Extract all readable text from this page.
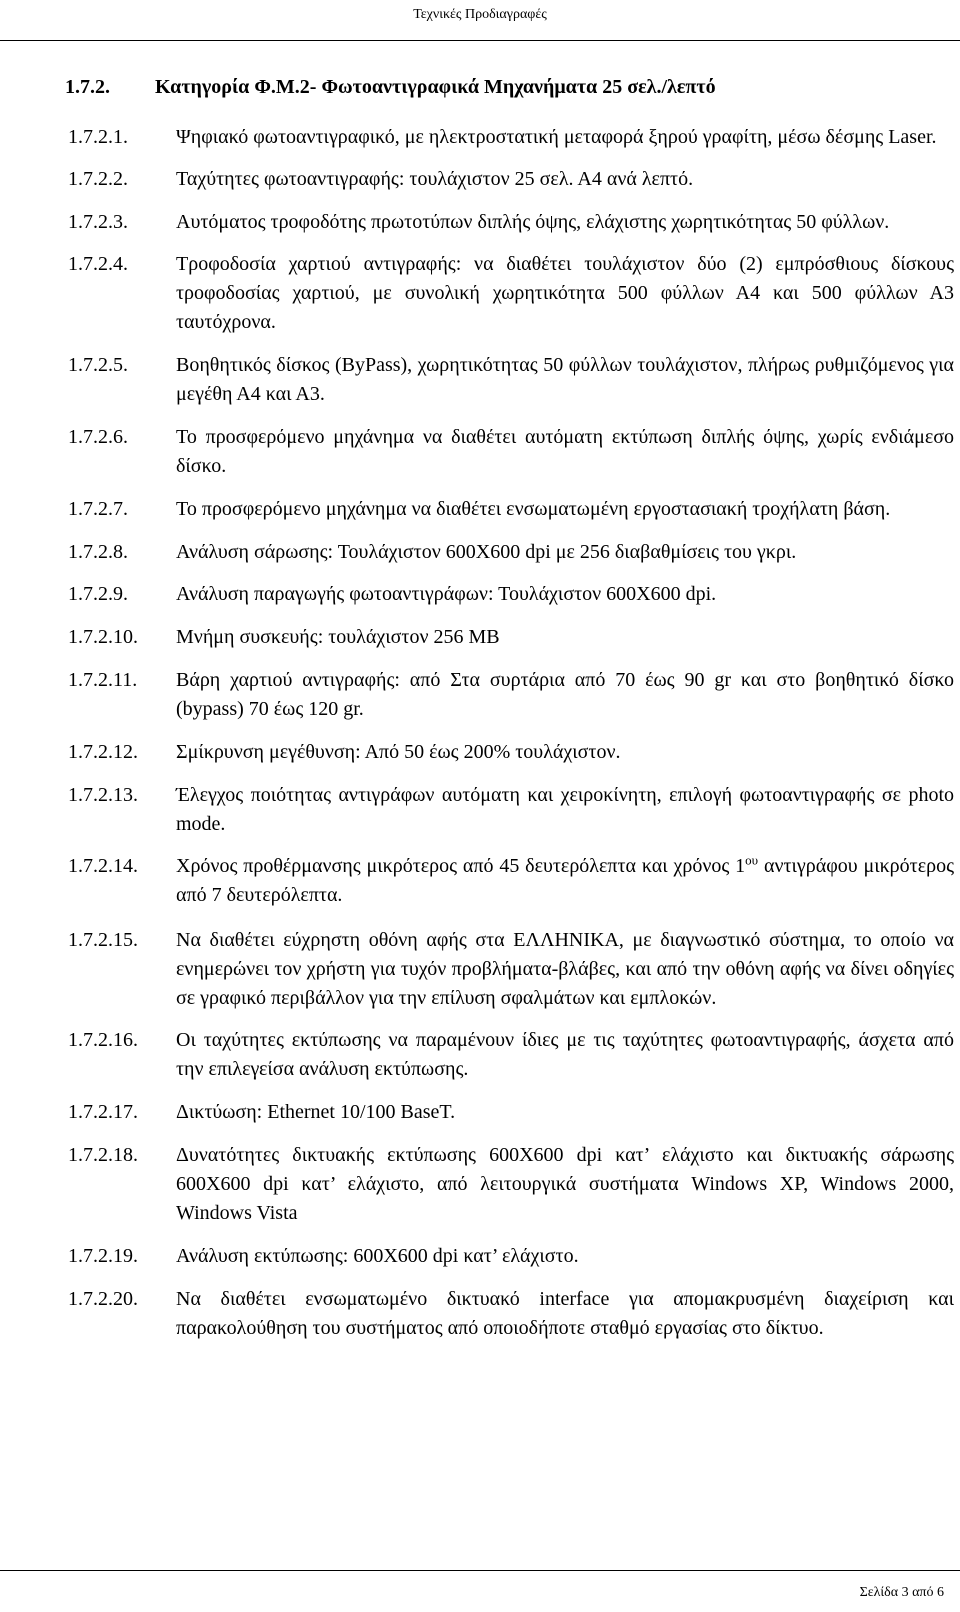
Τεχνικές Προδιαγραφές
1.7.2. Κατηγορία Φ.Μ.2- Φωτοαντιγραφικά Μηχανήματα 25 σελ./λεπτό
1.7.2.1.	Ψηφιακό φωτοαντιγραφικό, με ηλεκτροστατική μεταφορά ξηρού γραφίτη, μέσω δέσμης Laser.
1.7.2.2.	Ταχύτητες φωτοαντιγραφής: τουλάχιστον 25 σελ. Α4 ανά λεπτό.
1.7.2.3.	Αυτόματος τροφοδότης πρωτοτύπων διπλής όψης, ελάχιστης χωρητικότητας 50 φύλλων.
1.7.2.4.	Τροφοδοσία χαρτιού αντιγραφής: να διαθέτει τουλάχιστον δύο (2) εμπρόσθιους δίσκους τροφοδοσίας χαρτιού, με συνολική χωρητικότητα 500 φύλλων Α4 και 500 φύλλων Α3 ταυτόχρονα.
1.7.2.5.	Βοηθητικός δίσκος (ByPass), χωρητικότητας 50 φύλλων τουλάχιστον, πλήρως ρυθμιζόμενος για μεγέθη Α4 και Α3.
1.7.2.6.	Το προσφερόμενο μηχάνημα να διαθέτει αυτόματη εκτύπωση διπλής όψης, χωρίς ενδιάμεσο δίσκο.
1.7.2.7.	Το προσφερόμενο μηχάνημα να διαθέτει ενσωματωμένη εργοστασιακή τροχήλατη βάση.
1.7.2.8.	Ανάλυση σάρωσης: Τουλάχιστον 600Χ600 dpi με 256 διαβαθμίσεις του γκρι.
1.7.2.9.	Ανάλυση παραγωγής φωτοαντιγράφων: Τουλάχιστον 600Χ600 dpi.
1.7.2.10.	Μνήμη συσκευής: τουλάχιστον 256 MB
1.7.2.11.	Βάρη χαρτιού αντιγραφής: από Στα συρτάρια από 70 έως 90 gr και στο βοηθητικό δίσκο (bypass) 70 έως 120 gr.
1.7.2.12.	Σμίκρυνση μεγέθυνση: Από 50 έως 200% τουλάχιστον.
1.7.2.13.	Έλεγχος ποιότητας αντιγράφων αυτόματη και χειροκίνητη, επιλογή φωτοαντιγραφής σε photo mode.
1.7.2.14.	Χρόνος προθέρμανσης μικρότερος από 45 δευτερόλεπτα και χρόνος $1^{o\upsilon}$ αντιγράφου μικρότερος από 7 δευτερόλεπτα.
1.7.2.15.	Να διαθέτει εύχρηστη οθόνη αφής στα ΕΛΛΗΝΙΚΑ, με διαγνωστικό σύστημα, το οποίο να ενημερώνει τον χρήστη για τυχόν προβλήματα-βλάβες, και από την οθόνη αφής να δίνει οδηγίες σε γραφικό περιβάλλον για την επίλυση σφαλμάτων και εμπλοκών.
1.7.2.16.	Οι ταχύτητες εκτύπωσης να παραμένουν ίδιες με τις ταχύτητες φωτοαντιγραφής, άσχετα από την επιλεγείσα ανάλυση εκτύπωσης.
1.7.2.17.	Δικτύωση: Ethernet 10/100 BaseT.
1.7.2.18.	Δυνατότητες δικτυακής εκτύπωσης 600Χ600 dpi κατ’ ελάχιστο και δικτυακής σάρωσης 600Χ600 dpi κατ’ ελάχιστο, από λειτουργικά συστήματα Windows XP, Windows 2000, Windows Vista
1.7.2.19.	Ανάλυση εκτύπωσης: 600Χ600 dpi κατ’ ελάχιστο.
1.7.2.20.	Να διαθέτει ενσωματωμένο δικτυακό interface για απομακρυσμένη διαχείριση και παρακολούθηση του συστήματος από οποιοδήποτε σταθμό εργασίας στο δίκτυο.
Σελίδα 3 από 6
